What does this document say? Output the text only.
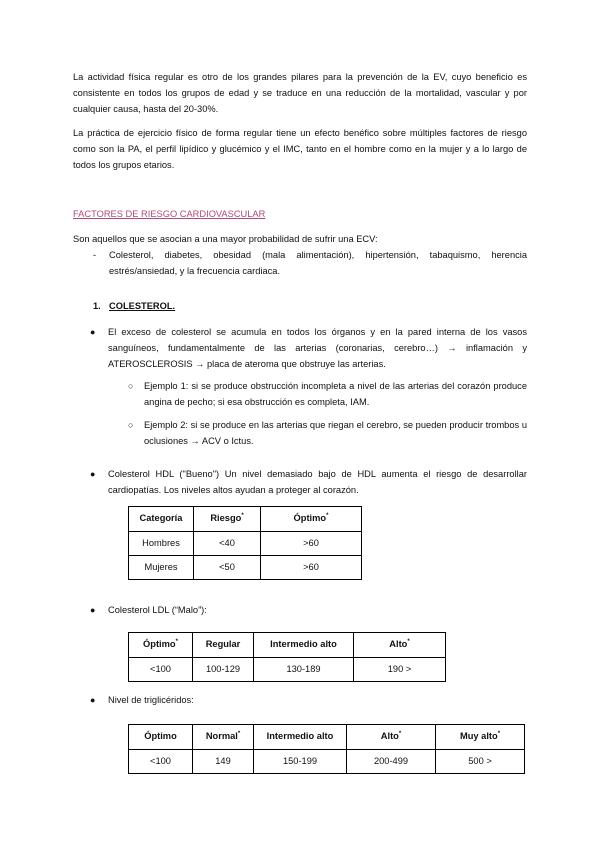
La actividad física regular es otro de los grandes pilares para la prevención de la EV, cuyo beneficio es consistente en todos los grupos de edad y se traduce en una reducción de la mortalidad, vascular y por cualquier causa, hasta del 20-30%.

La práctica de ejercicio físico de forma regular tiene un efecto benéfico sobre múltiples factores de riesgo como son la PA, el perfil lipídico y glucémico y el IMC, tanto en el hombre como en la mujer y a lo largo de todos los grupos etarios.

FACTORES DE RIESGO CARDIOVASCULAR

Son aquellos que se asocian a una mayor probabilidad de sufrir una ECV:

- Colesterol, diabetes, obesidad (mala alimentación), hipertensión, tabaquismo, herencia estrés/ansiedad, y la frecuencia cardiaca.

1. COLESTEROL.
● El exceso de colesterol se acumula en todos los órganos y en la pared interna de los vasos sanguíneos, fundamentalmente de las arterias (coronarias, cerebro…) → inflamación y ATEROSCLEROSIS → placa de ateroma que obstruye las arterias.

○ Ejemplo 1: si se produce obstrucción incompleta a nivel de las arterias del corazón produce angina de pecho; si esa obstrucción es completa, IAM.

○ Ejemplo 2: si se produce en las arterias que riegan el cerebro, se pueden producir trombos u oclusiones → ACV o Ictus.

● Colesterol HDL ("Bueno") Un nivel demasiado bajo de HDL aumenta el riesgo de desarrollar cardiopatías. Los niveles altos ayudan a proteger al corazón.

Categoría	Riesgo*	Óptimo*
Hombres	<40	>60
Mujeres	<50	>60
● Colesterol LDL (“Malo”):

Óptimo*	Regular	Intermedio alto	Alto*
<100	100-129	130-189	190 >
● Nivel de triglicéridos:

Óptimo	Normal*	Intermedio alto	Alto*	Muy alto*
<100	149	150-199	200-499	500 >
